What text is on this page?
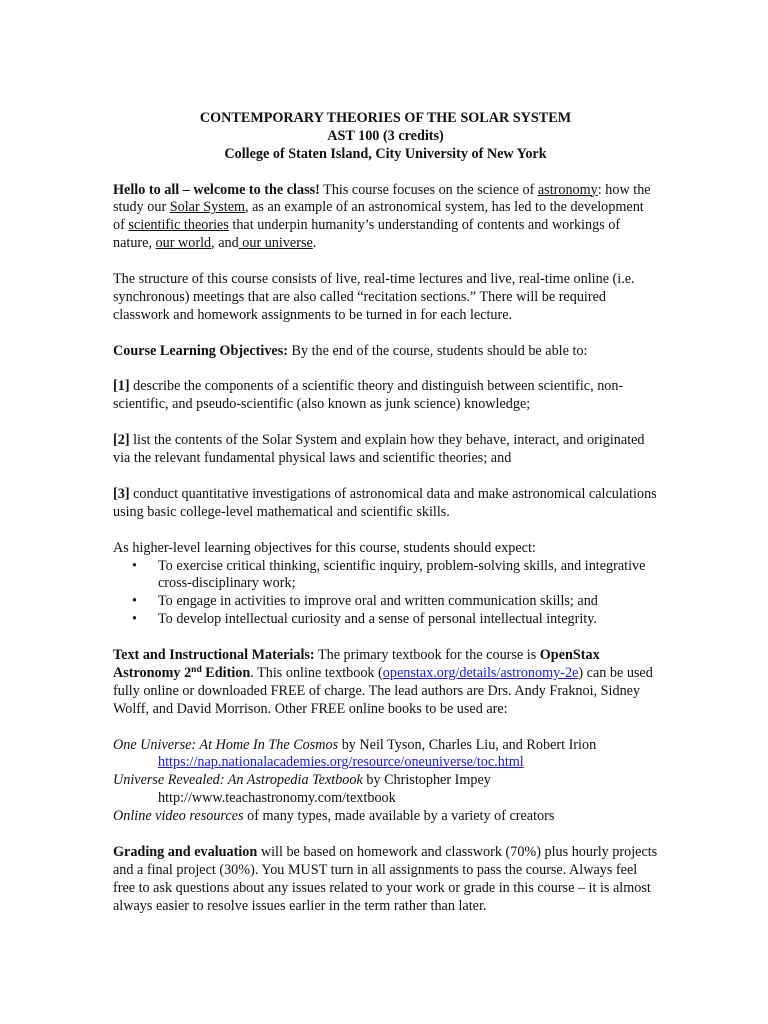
CONTEMPORARY THEORIES OF THE SOLAR SYSTEM
AST 100 (3 credits)
College of Staten Island, City University of New York

Hello to all – welcome to the class! This course focuses on the science of astronomy: how the study our Solar System, as an example of an astronomical system, has led to the development of scientific theories that underpin humanity’s understanding of contents and workings of nature, our world, and our universe.

The structure of this course consists of live, real-time lectures and live, real-time online (i.e. synchronous) meetings that are also called “recitation sections.” There will be required classwork and homework assignments to be turned in for each lecture.

Course Learning Objectives: By the end of the course, students should be able to:

[1] describe the components of a scientific theory and distinguish between scientific, non-scientific, and pseudo-scientific (also known as junk science) knowledge;

[2] list the contents of the Solar System and explain how they behave, interact, and originated via the relevant fundamental physical laws and scientific theories; and

[3] conduct quantitative investigations of astronomical data and make astronomical calculations using basic college-level mathematical and scientific skills.

As higher-level learning objectives for this course, students should expect:
• To exercise critical thinking, scientific inquiry, problem-solving skills, and integrative cross-disciplinary work;
• To engage in activities to improve oral and written communication skills; and
• To develop intellectual curiosity and a sense of personal intellectual integrity.

Text and Instructional Materials: The primary textbook for the course is OpenStax Astronomy 2nd Edition. This online textbook (openstax.org/details/astronomy-2e) can be used fully online or downloaded FREE of charge. The lead authors are Drs. Andy Fraknoi, Sidney Wolff, and David Morrison. Other FREE online books to be used are:

One Universe: At Home In The Cosmos by Neil Tyson, Charles Liu, and Robert Irion
https://nap.nationalacademies.org/resource/oneuniverse/toc.html
Universe Revealed: An Astropedia Textbook by Christopher Impey
http://www.teachastronomy.com/textbook
Online video resources of many types, made available by a variety of creators

Grading and evaluation will be based on homework and classwork (70%) plus hourly projects and a final project (30%). You MUST turn in all assignments to pass the course. Always feel free to ask questions about any issues related to your work or grade in this course – it is almost always easier to resolve issues earlier in the term rather than later.
